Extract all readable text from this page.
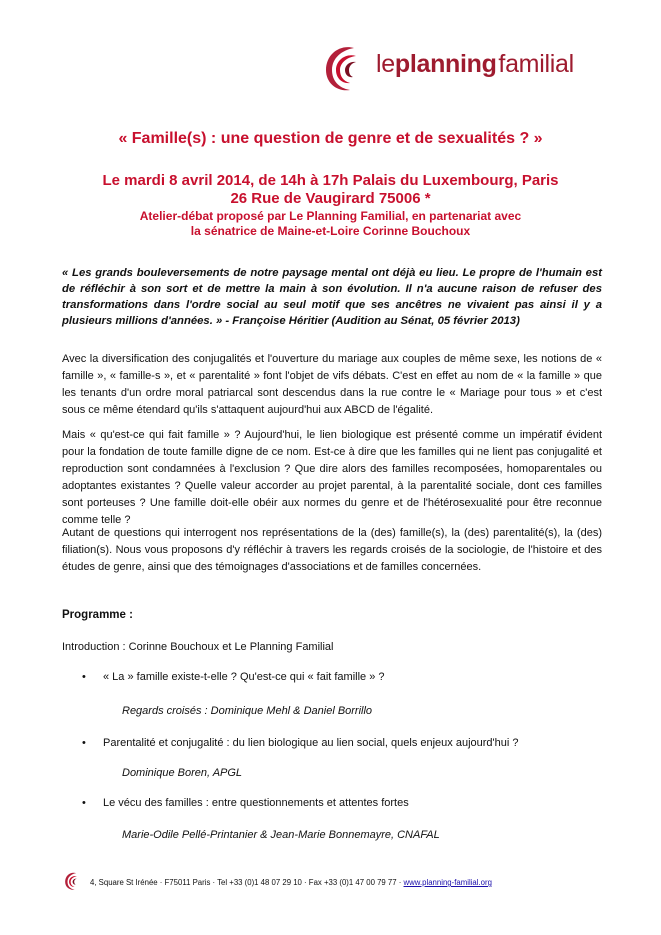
leplanning familial
« Famille(s) : une question de genre et de sexualités ? »
Le mardi 8 avril 2014, de 14h à 17h Palais du Luxembourg, Paris
26 Rue de Vaugirard 75006 *
Atelier-débat proposé par Le Planning Familial, en partenariat avec
la sénatrice de Maine-et-Loire Corinne Bouchoux
« Les grands bouleversements de notre paysage mental ont déjà eu lieu. Le propre de l'humain est de réfléchir à son sort et de mettre la main à son évolution. Il n'a aucune raison de refuser des transformations dans l'ordre social au seul motif que ses ancêtres ne vivaient pas ainsi il y a plusieurs millions d'années. » - Françoise Héritier (Audition au Sénat, 05 février 2013)
Avec la diversification des conjugalités et l'ouverture du mariage aux couples de même sexe, les notions de « famille », « famille-s », et « parentalité » font l'objet de vifs débats. C'est en effet au nom de « la famille » que les tenants d'un ordre moral patriarcal sont descendus dans la rue contre le « Mariage pour tous » et c'est sous ce même étendard qu'ils s'attaquent aujourd'hui aux ABCD de l'égalité.
Mais « qu'est-ce qui fait famille » ? Aujourd'hui, le lien biologique est présenté comme un impératif évident pour la fondation de toute famille digne de ce nom. Est-ce à dire que les familles qui ne lient pas conjugalité et reproduction sont condamnées à l'exclusion ? Que dire alors des familles recomposées, homoparentales ou adoptantes existantes ? Quelle valeur accorder au projet parental, à la parentalité sociale, dont ces familles sont porteuses ? Une famille doit-elle obéir aux normes du genre et de l'hétérosexualité pour être reconnue comme telle ?
Autant de questions qui interrogent nos représentations de la (des) famille(s), la (des) parentalité(s), la (des) filiation(s). Nous vous proposons d'y réfléchir à travers les regards croisés de la sociologie, de l'histoire et des études de genre, ainsi que des témoignages d'associations et de familles concernées.
Programme :
Introduction : Corinne Bouchoux et Le Planning Familial
• « La » famille existe-t-elle ? Qu'est-ce qui « fait famille » ?
Regards croisés : Dominique Mehl & Daniel Borrillo
• Parentalité et conjugalité : du lien biologique au lien social, quels enjeux aujourd'hui ?
Dominique Boren, APGL
• Le vécu des familles : entre questionnements et attentes fortes
Marie-Odile Pellé-Printanier & Jean-Marie Bonnemayre, CNAFAL
4, Square St Irénée · F75011 Paris · Tel +33 (0)1 48 07 29 10 · Fax +33 (0)1 47 00 79 77 · www.planning-familial.org
